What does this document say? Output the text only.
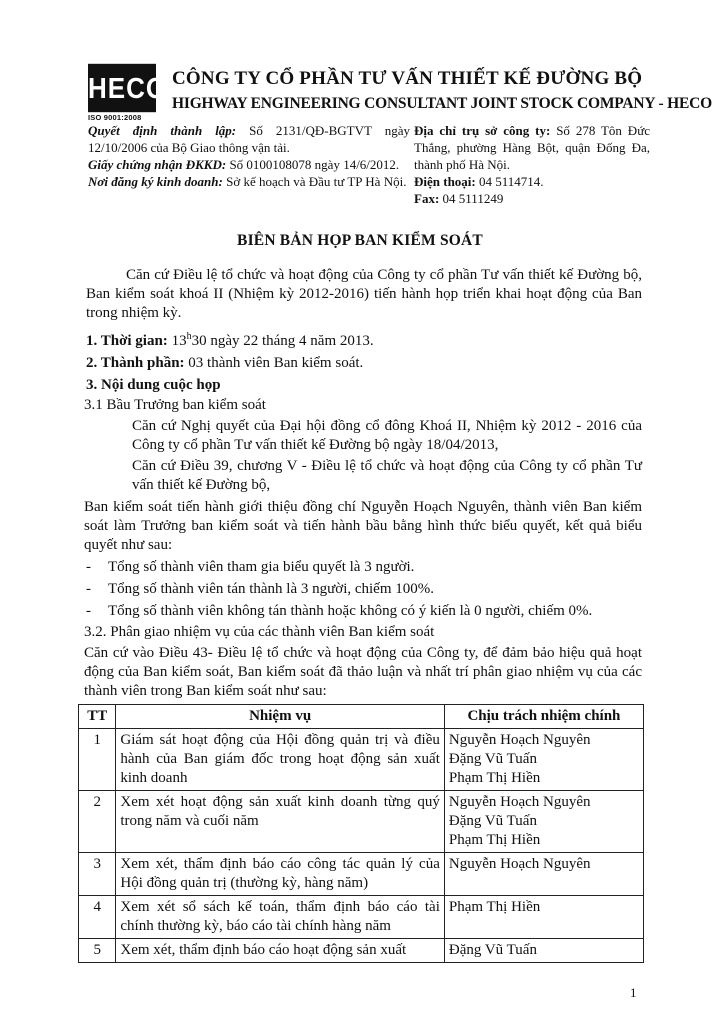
HECO
ISO 9001:2008
CÔNG TY CỔ PHẦN TƯ VẤN THIẾT KẾ ĐƯỜNG BỘ
HIGHWAY ENGINEERING CONSULTANT JOINT STOCK COMPANY - HECO

Quyết định thành lập: Số 2131/QĐ-BGTVT ngày 12/10/2006 của Bộ Giao thông vận tải.

Giấy chứng nhận ĐKKD: Số 0100108078 ngày 14/6/2012.

Nơi đăng ký kinh doanh: Sở kế hoạch và Đầu tư TP Hà Nội.

Địa chỉ trụ sở công ty: Số 278 Tôn Đức Thắng, phường Hàng Bột, quận Đống Đa, thành phố Hà Nội.

Điện thoại: 04 5114714.

Fax: 04 5111249

BIÊN BẢN HỌP BAN KIỂM SOÁT

Căn cứ Điều lệ tổ chức và hoạt động của Công ty cổ phần Tư vấn thiết kế Đường bộ, Ban kiểm soát khoá II (Nhiệm kỳ 2012-2016) tiến hành họp triển khai hoạt động của Ban trong nhiệm kỳ.

1. Thời gian: 13$^h$30 ngày 22 tháng 4 năm 2013.

2. Thành phần: 03 thành viên Ban kiểm soát.

3. Nội dung cuộc họp

3.1 Bầu Trưởng ban kiểm soát

Căn cứ Nghị quyết của Đại hội đồng cổ đông Khoá II, Nhiệm kỳ 2012 - 2016 của Công ty cổ phần Tư vấn thiết kế Đường bộ ngày 18/04/2013,

Căn cứ Điều 39, chương V - Điều lệ tổ chức và hoạt động của Công ty cổ phần Tư vấn thiết kế Đường bộ,

Ban kiểm soát tiến hành giới thiệu đồng chí Nguyễn Hoạch Nguyên, thành viên Ban kiểm soát làm Trưởng ban kiểm soát và tiến hành bầu bằng hình thức biểu quyết, kết quả biểu quyết như sau:

-	Tổng số thành viên tham gia biểu quyết là 3 người.
-	Tổng số thành viên tán thành là 3 người, chiếm 100%.
-	Tổng số thành viên không tán thành hoặc không có ý kiến là 0 người, chiếm 0%.

3.2. Phân giao nhiệm vụ của các thành viên Ban kiểm soát

Căn cứ vào Điều 43- Điều lệ tổ chức và hoạt động của Công ty, để đảm bảo hiệu quả hoạt động của Ban kiểm soát, Ban kiểm soát đã thảo luận và nhất trí phân giao nhiệm vụ của các thành viên trong Ban kiểm soát như sau:

TT	Nhiệm vụ	Chịu trách nhiệm chính
1	Giám sát hoạt động của Hội đồng quản trị và điều hành của Ban giám đốc trong hoạt động sản xuất kinh doanh	Nguyễn Hoạch Nguyên
Đặng Vũ Tuấn
Phạm Thị Hiền

2	Xem xét hoạt động sản xuất kinh doanh từng quý trong năm và cuối năm	Nguyễn Hoạch Nguyên
Đặng Vũ Tuấn
Phạm Thị Hiền

3	Xem xét, thẩm định báo cáo công tác quản lý của Hội đồng quản trị (thường kỳ, hàng năm)	Nguyễn Hoạch Nguyên

4	Xem xét sổ sách kế toán, thẩm định báo cáo tài chính thường kỳ, báo cáo tài chính hàng năm	Phạm Thị Hiền

5	Xem xét, thẩm định báo cáo hoạt động sản xuất	Đặng Vũ Tuấn
1
